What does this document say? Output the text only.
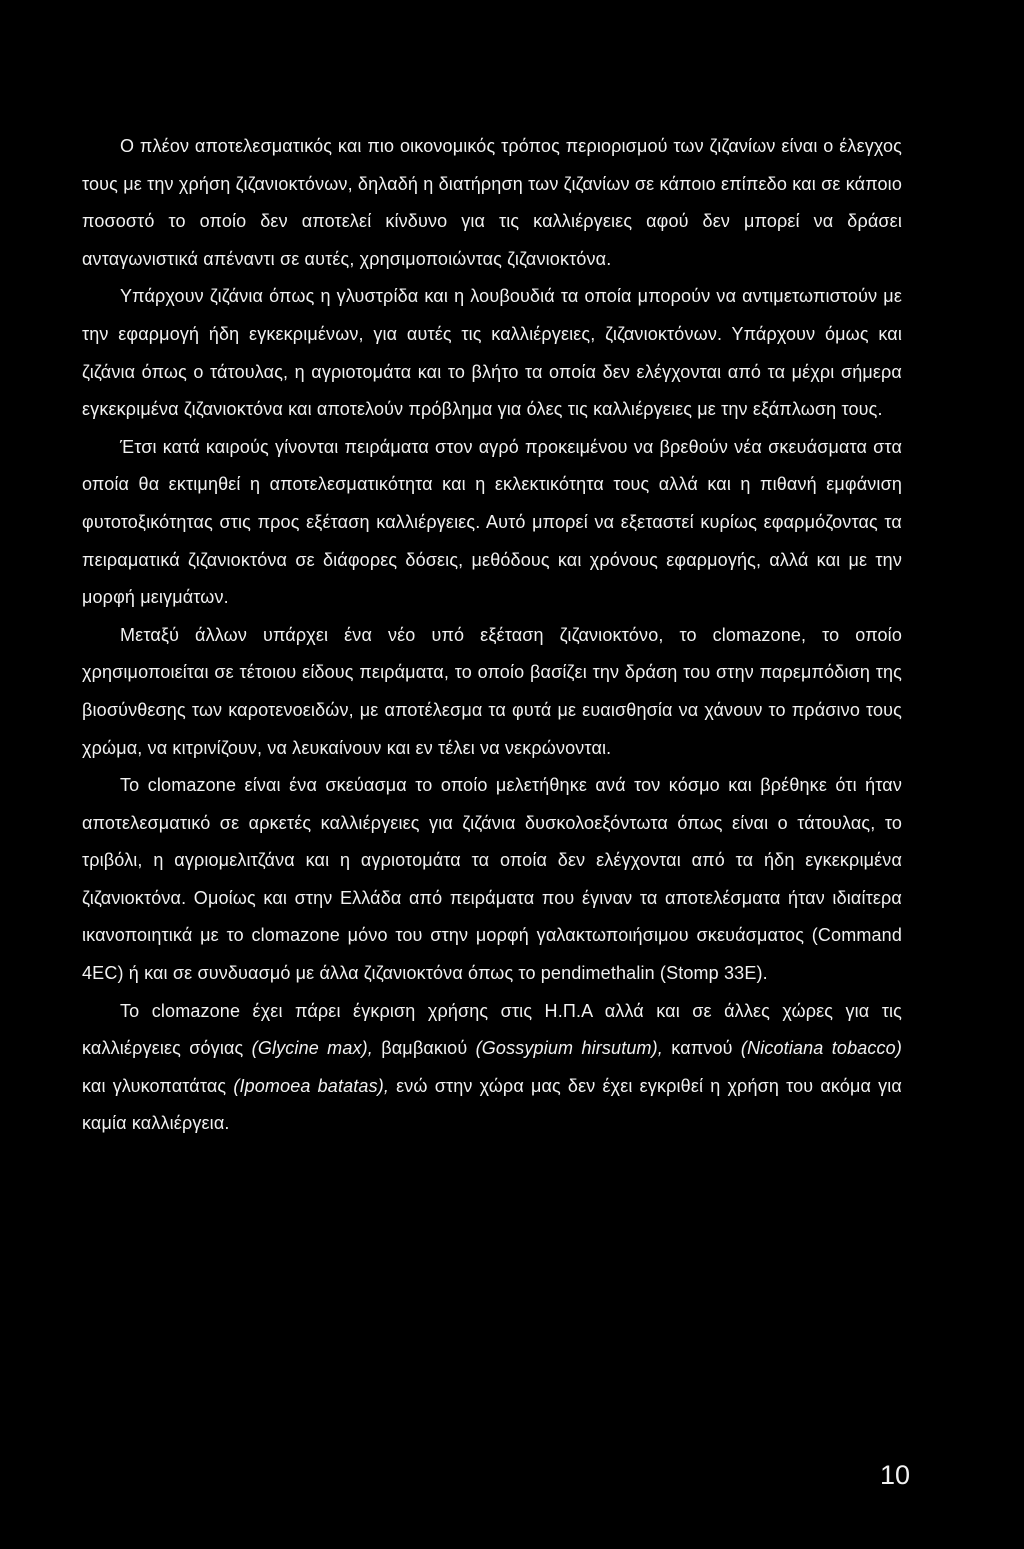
Ο πλέον αποτελεσματικός και πιο οικονομικός τρόπος περιορισμού των ζιζανίων είναι ο έλεγχος τους με την χρήση ζιζανιοκτόνων, δηλαδή η διατήρηση των ζιζανίων σε κάποιο επίπεδο και σε κάποιο ποσοστό το οποίο δεν αποτελεί κίνδυνο για τις καλλιέργειες αφού δεν μπορεί να δράσει ανταγωνιστικά απέναντι σε αυτές, χρησιμοποιώντας ζιζανιοκτόνα.

Υπάρχουν ζιζάνια όπως η γλυστρίδα και η λουβουδιά τα οποία μπορούν να αντιμετωπιστούν με την εφαρμογή ήδη εγκεκριμένων, για αυτές τις καλλιέργειες, ζιζανιοκτόνων. Υπάρχουν όμως και ζιζάνια όπως ο τάτουλας, η αγριοτομάτα και το βλήτο τα οποία δεν ελέγχονται από τα μέχρι σήμερα εγκεκριμένα ζιζανιοκτόνα και αποτελούν πρόβλημα για όλες τις καλλιέργειες με την εξάπλωση τους.

Έτσι κατά καιρούς γίνονται πειράματα στον αγρό προκειμένου να βρεθούν νέα σκευάσματα στα οποία θα εκτιμηθεί η αποτελεσματικότητα και η εκλεκτικότητα τους αλλά και η πιθανή εμφάνιση φυτοτοξικότητας στις προς εξέταση καλλιέργειες. Αυτό μπορεί να εξεταστεί κυρίως εφαρμόζοντας τα πειραματικά ζιζανιοκτόνα σε διάφορες δόσεις, μεθόδους και χρόνους εφαρμογής, αλλά και με την μορφή μειγμάτων.

Μεταξύ άλλων υπάρχει ένα νέο υπό εξέταση ζιζανιοκτόνο, το clomazone, το οποίο χρησιμοποιείται σε τέτοιου είδους πειράματα, το οποίο βασίζει την δράση του στην παρεμπόδιση της βιοσύνθεσης των καροτενοειδών, με αποτέλεσμα τα φυτά με ευαισθησία να χάνουν το πράσινο τους χρώμα, να κιτρινίζουν, να λευκαίνουν και εν τέλει να νεκρώνονται.

Το clomazone είναι ένα σκεύασμα το οποίο μελετήθηκε ανά τον κόσμο και βρέθηκε ότι ήταν αποτελεσματικό σε αρκετές καλλιέργειες για ζιζάνια δυσκολοεξόντωτα όπως είναι ο τάτουλας, το τριβόλι, η αγριομελιτζάνα και η αγριοτομάτα τα οποία δεν ελέγχονται από τα ήδη εγκεκριμένα ζιζανιοκτόνα. Ομοίως και στην Ελλάδα από πειράματα που έγιναν τα αποτελέσματα ήταν ιδιαίτερα ικανοποιητικά με το clomazone μόνο του στην μορφή γαλακτωποιήσιμου σκευάσματος (Command 4EC) ή και σε συνδυασμό με άλλα ζιζανιοκτόνα όπως το pendimethalin (Stomp 33E).

Το clomazone έχει πάρει έγκριση χρήσης στις Η.Π.Α αλλά και σε άλλες χώρες για τις καλλιέργειες σόγιας (Glycine max), βαμβακιού (Gossypium hirsutum), καπνού (Nicotiana tobacco) και γλυκοπατάτας (Ipomoea batatas), ενώ στην χώρα μας δεν έχει εγκριθεί η χρήση του ακόμα για καμία καλλιέργεια.

10
